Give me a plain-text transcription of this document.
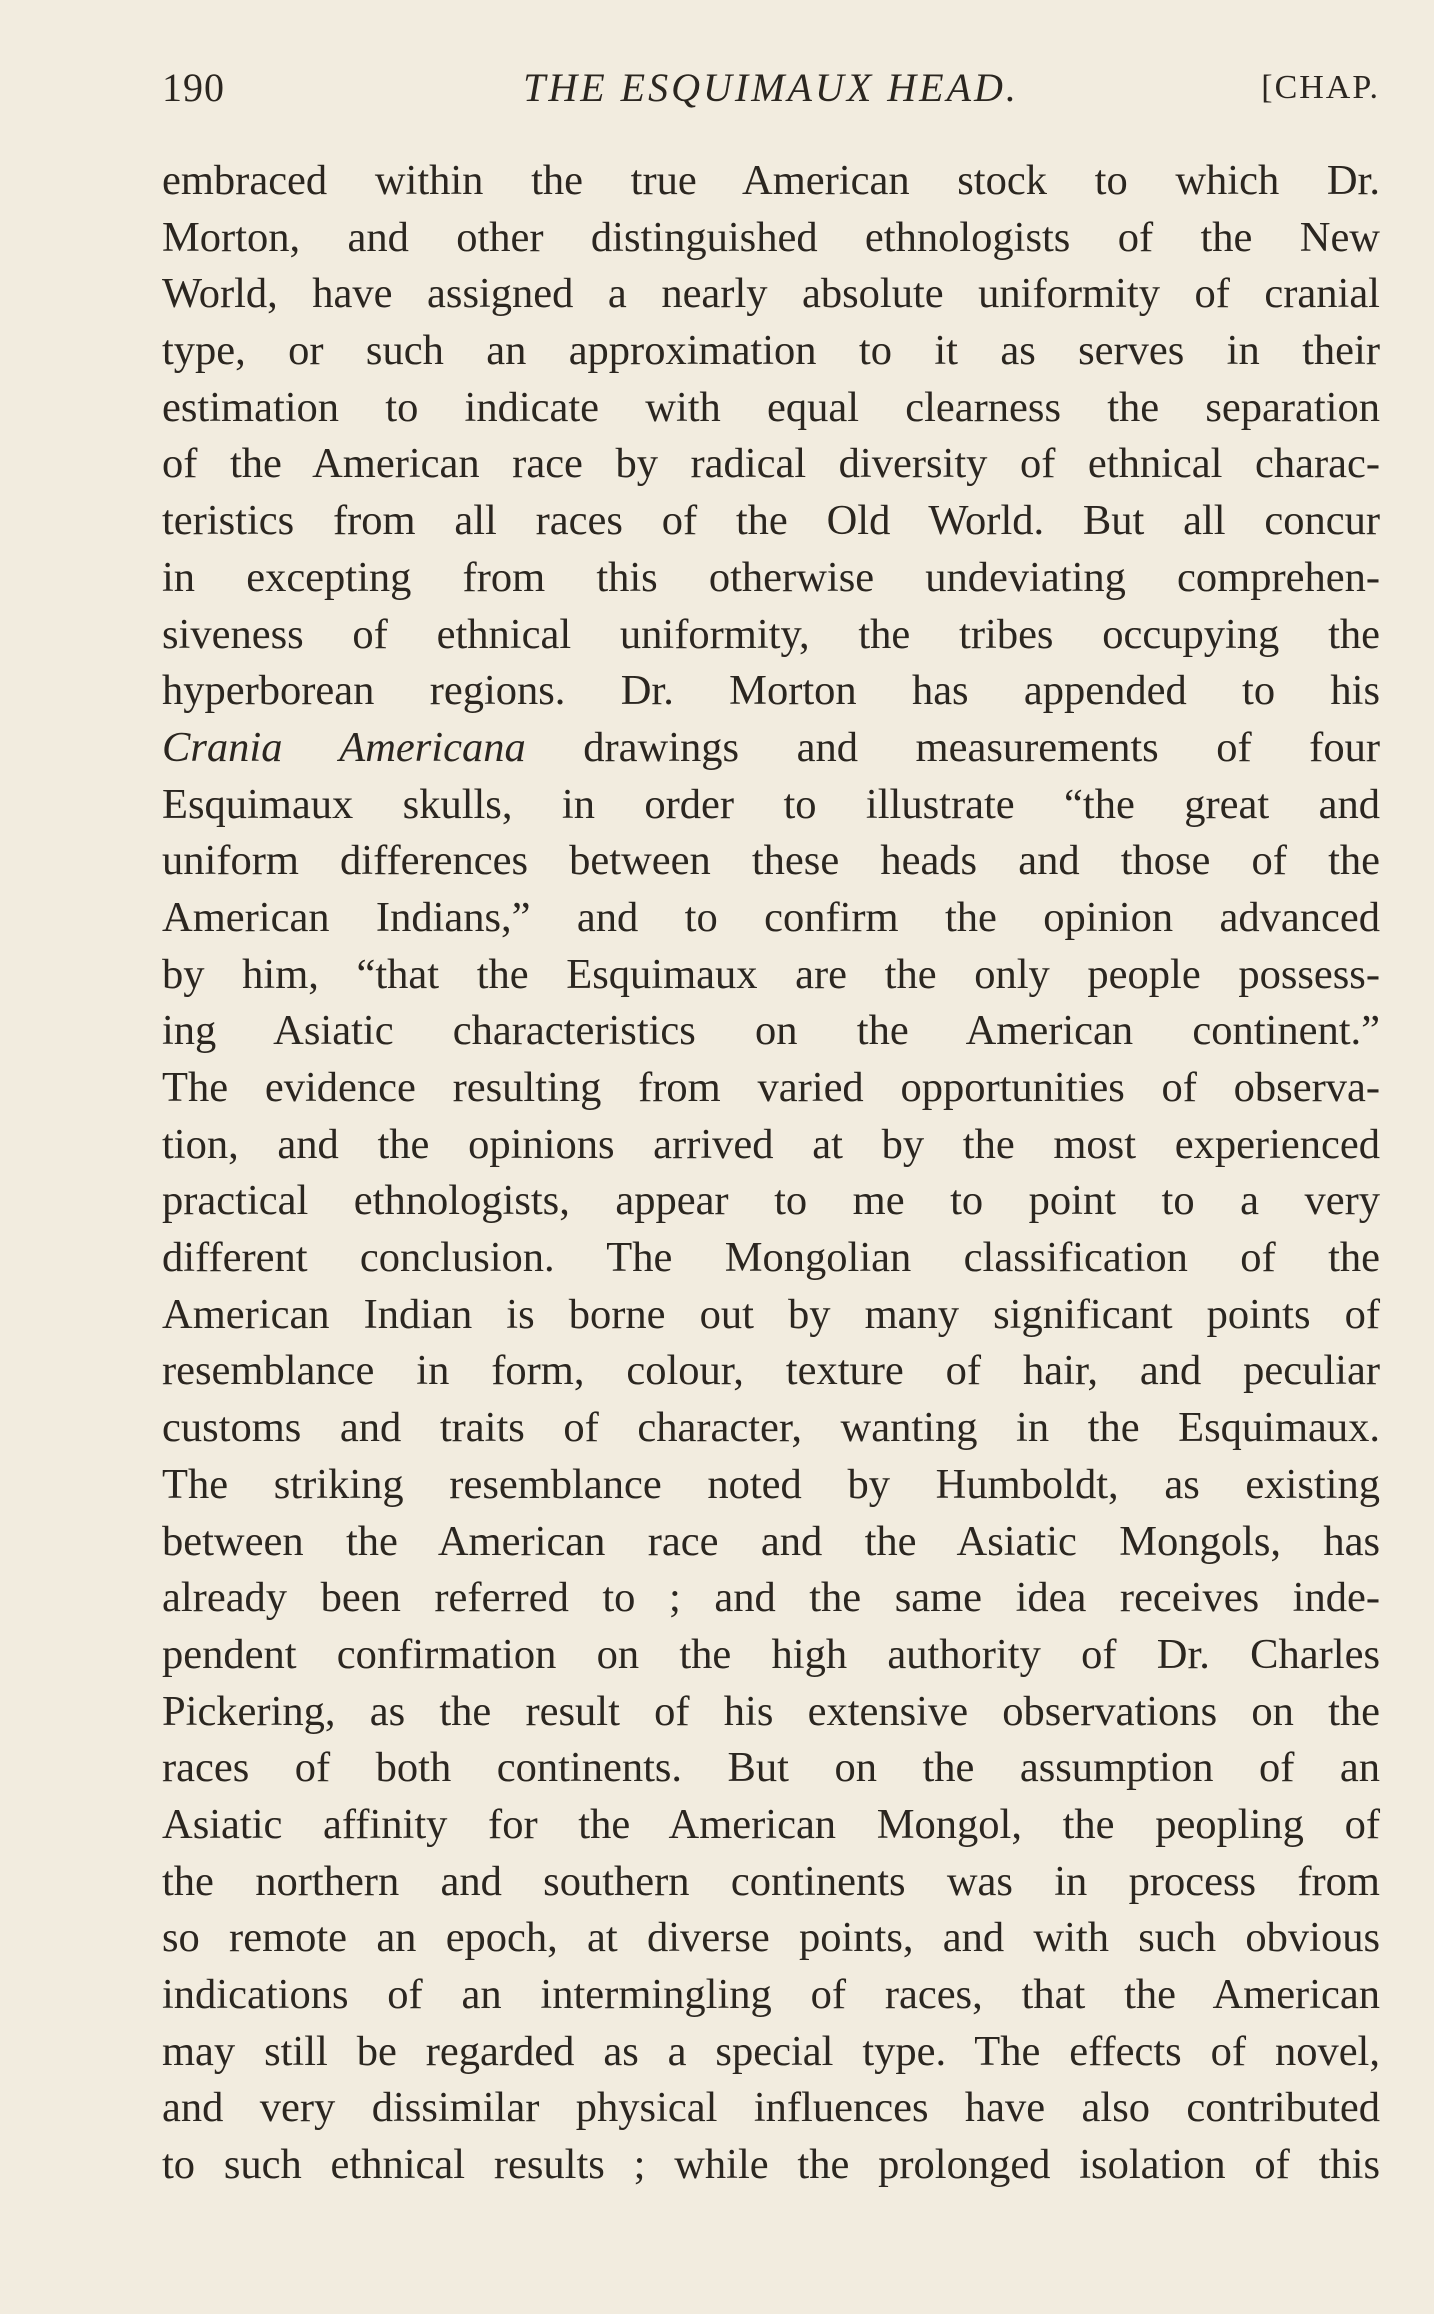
190	THE ESQUIMAUX HEAD.	[CHAP.
embraced within the true American stock to which Dr.
Morton, and other distinguished ethnologists of the New
World, have assigned a nearly absolute uniformity of cranial
type, or such an approximation to it as serves in their
estimation to indicate with equal clearness the separation
of the American race by radical diversity of ethnical charac-
teristics from all races of the Old World. But all concur
in excepting from this otherwise undeviating comprehen-
siveness of ethnical uniformity, the tribes occupying the
hyperborean regions. Dr. Morton has appended to his
Crania Americana drawings and measurements of four
Esquimaux skulls, in order to illustrate “the great and
uniform differences between these heads and those of the
American Indians,” and to confirm the opinion advanced
by him, “that the Esquimaux are the only people possess-
ing Asiatic characteristics on the American continent.”
The evidence resulting from varied opportunities of observa-
tion, and the opinions arrived at by the most experienced
practical ethnologists, appear to me to point to a very
different conclusion. The Mongolian classification of the
American Indian is borne out by many significant points of
resemblance in form, colour, texture of hair, and peculiar
customs and traits of character, wanting in the Esquimaux.
The striking resemblance noted by Humboldt, as existing
between the American race and the Asiatic Mongols, has
already been referred to ; and the same idea receives inde-
pendent confirmation on the high authority of Dr. Charles
Pickering, as the result of his extensive observations on the
races of both continents. But on the assumption of an
Asiatic affinity for the American Mongol, the peopling of
the northern and southern continents was in process from
so remote an epoch, at diverse points, and with such obvious
indications of an intermingling of races, that the American
may still be regarded as a special type. The effects of novel,
and very dissimilar physical influences have also contributed
to such ethnical results ; while the prolonged isolation of this
